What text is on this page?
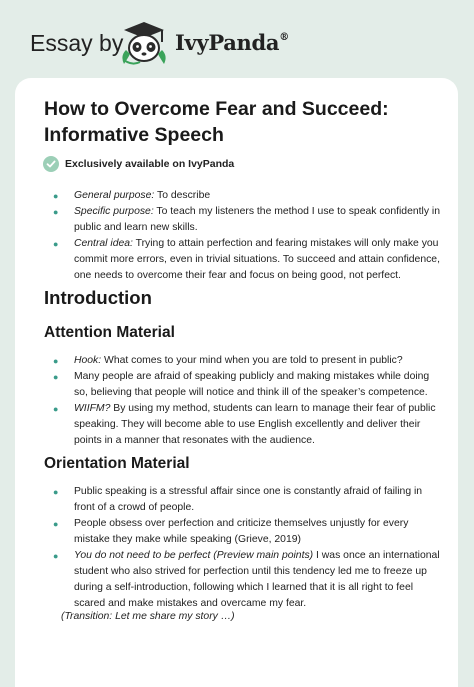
Essay by IvyPanda®
How to Overcome Fear and Succeed: Informative Speech
Exclusively available on IvyPanda
● General purpose: To describe
● Specific purpose: To teach my listeners the method I use to speak confidently in public and learn new skills.
● Central idea: Trying to attain perfection and fearing mistakes will only make you commit more errors, even in trivial situations. To succeed and attain confidence, one needs to overcome their fear and focus on being good, not perfect.
Introduction
Attention Material
● Hook: What comes to your mind when you are told to present in public?
● Many people are afraid of speaking publicly and making mistakes while doing so, believing that people will notice and think ill of the speaker’s competence.
● WIIFM? By using my method, students can learn to manage their fear of public speaking. They will become able to use English excellently and deliver their points in a manner that resonates with the audience.
Orientation Material
● Public speaking is a stressful affair since one is constantly afraid of failing in front of a crowd of people.
● People obsess over perfection and criticize themselves unjustly for every mistake they make while speaking (Grieve, 2019)
● You do not need to be perfect (Preview main points) I was once an international student who also strived for perfection until this tendency led me to freeze up during a self-introduction, following which I learned that it is all right to feel scared and make mistakes and overcame my fear.

(Transition: Let me share my story …)
